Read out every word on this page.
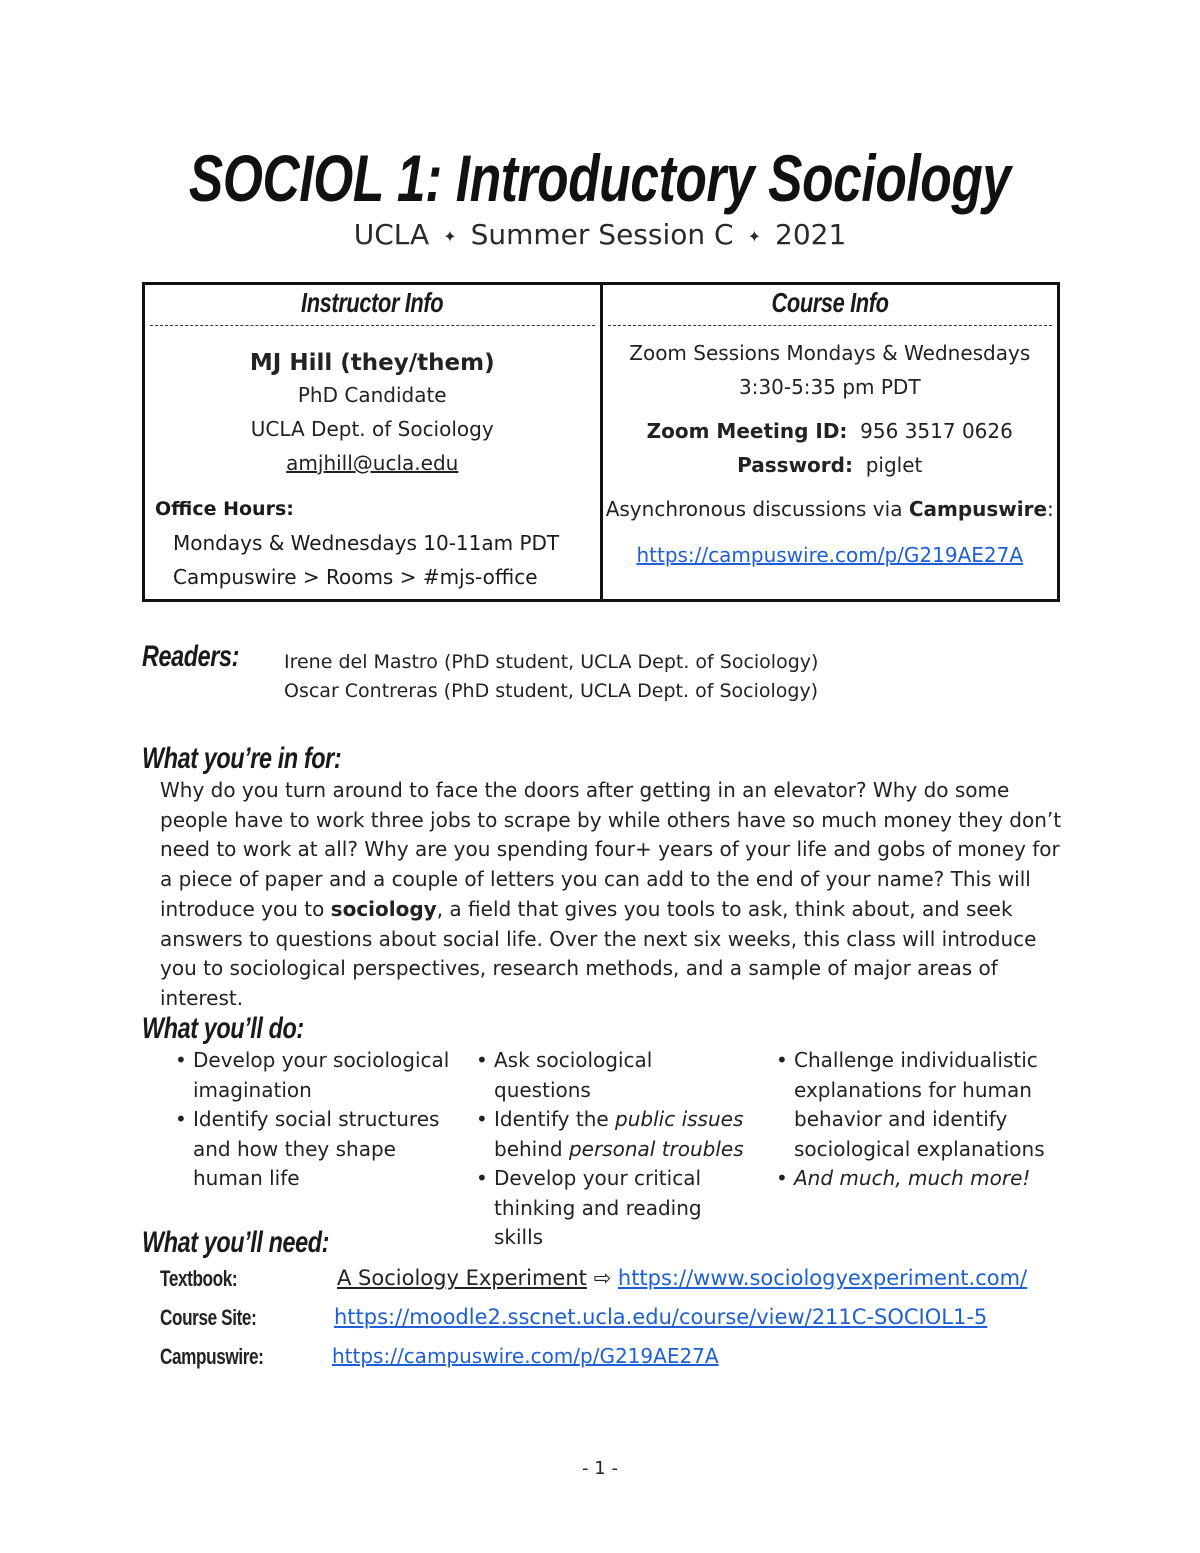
SOCIOL 1: Introductory Sociology
UCLA ✦ Summer Session C ✦ 2021
Instructor Info
MJ Hill (they/them)
PhD Candidate
UCLA Dept. of Sociology
amjhill@ucla.edu
Office Hours:
Mondays & Wednesdays 10-11am PDT
Campuswire > Rooms > #mjs-office
Course Info
Zoom Sessions Mondays & Wednesdays
3:30-5:35 pm PDT
Zoom Meeting ID: 956 3517 0626
Password: piglet
Asynchronous discussions via Campuswire:
https://campuswire.com/p/G219AE27A
Readers:	Irene del Mastro (PhD student, UCLA Dept. of Sociology)
Oscar Contreras (PhD student, UCLA Dept. of Sociology)
What you’re in for:
Why do you turn around to face the doors after getting in an elevator? Why do some people have to work three jobs to scrape by while others have so much money they don’t need to work at all? Why are you spending four+ years of your life and gobs of money for a piece of paper and a couple of letters you can add to the end of your name? This will introduce you to sociology, a field that gives you tools to ask, think about, and seek answers to questions about social life. Over the next six weeks, this class will introduce you to sociological perspectives, research methods, and a sample of major areas of interest.
What you’ll do:
• Develop your sociological imagination
• Identify social structures and how they shape human life
• Ask sociological questions
• Identify the public issues behind personal troubles
• Develop your critical thinking and reading skills
• Challenge individualistic explanations for human behavior and identify sociological explanations
• And much, much more!
What you’ll need:
Textbook:	A Sociology Experiment ⇨ https://www.sociologyexperiment.com/
Course Site:	https://moodle2.sscnet.ucla.edu/course/view/211C-SOCIOL1-5
Campuswire:	https://campuswire.com/p/G219AE27A
- 1 -
